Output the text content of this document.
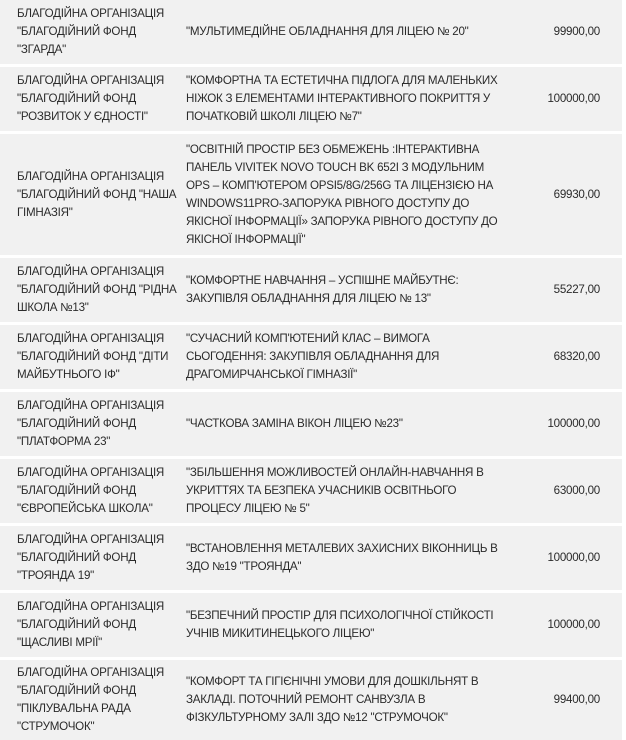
БЛАГОДІЙНА ОРГАНІЗАЦІЯ "БЛАГОДІЙНИЙ ФОНД "ЗГАРДА"
"МУЛЬТИМЕДІЙНЕ ОБЛАДНАННЯ ДЛЯ ЛІЦЕЮ № 20"	99900,00
БЛАГОДІЙНА ОРГАНІЗАЦІЯ "БЛАГОДІЙНИЙ ФОНД "РОЗВИТОК У ЄДНОСТІ"
"КОМФОРТНА ТА ЕСТЕТИЧНА ПІДЛОГА ДЛЯ МАЛЕНЬКИХ НІЖОК З ЕЛЕМЕНТАМИ ІНТЕРАКТИВНОГО ПОКРИТТЯ У ПОЧАТКОВІЙ ШКОЛІ ЛІЦЕЮ №7"
100000,00
БЛАГОДІЙНА ОРГАНІЗАЦІЯ "БЛАГОДІЙНИЙ ФОНД "НАША ГІМНАЗІЯ"
"ОСВІТНІЙ ПРОСТІР БЕЗ ОБМЕЖЕНЬ :ІНТЕРАКТИВНА ПАНЕЛЬ VIVITEK NOVO TOUCH BK 652I З МОДУЛЬНИМ OPS – КОМП'ЮТЕРОМ OPSI5/8G/256G ТА ЛІЦЕНЗІЄЮ НА WINDOWS11PRO-ЗАПОРУКА РІВНОГО ДОСТУПУ ДО ЯКІСНОЇ ІНФОРМАЦІЇ» ЗАПОРУКА РІВНОГО ДОСТУПУ ДО ЯКІСНОЇ ІНФОРМАЦІЇ"
69930,00
БЛАГОДІЙНА ОРГАНІЗАЦІЯ "БЛАГОДІЙНИЙ ФОНД "РІДНА ШКОЛА №13"
"КОМФОРТНЕ НАВЧАННЯ – УСПІШНЕ МАЙБУТНЄ: ЗАКУПІВЛЯ ОБЛАДНАННЯ ДЛЯ ЛІЦЕЮ № 13"
55227,00
БЛАГОДІЙНА ОРГАНІЗАЦІЯ "БЛАГОДІЙНИЙ ФОНД "ДІТИ МАЙБУТНЬОГО ІФ"
"СУЧАСНИЙ КОМП'ЮТЕНИЙ КЛАС – ВИМОГА СЬОГОДЕННЯ: ЗАКУПІВЛЯ ОБЛАДНАННЯ ДЛЯ ДРАГОМИРЧАНСЬКОЇ ГІМНАЗІЇ"
68320,00
БЛАГОДІЙНА ОРГАНІЗАЦІЯ "БЛАГОДІЙНИЙ ФОНД "ПЛАТФОРМА 23"
"ЧАСТКОВА ЗАМІНА ВІКОН ЛІЦЕЮ №23"	100000,00
БЛАГОДІЙНА ОРГАНІЗАЦІЯ "БЛАГОДІЙНИЙ ФОНД "ЄВРОПЕЙСЬКА ШКОЛА"
"ЗБІЛЬШЕННЯ МОЖЛИВОСТЕЙ ОНЛАЙН-НАВЧАННЯ В УКРИТТЯХ ТА БЕЗПЕКА УЧАСНИКІВ ОСВІТНЬОГО ПРОЦЕСУ ЛІЦЕЮ № 5"
63000,00
БЛАГОДІЙНА ОРГАНІЗАЦІЯ "БЛАГОДІЙНИЙ ФОНД "ТРОЯНДА 19"
"ВСТАНОВЛЕННЯ МЕТАЛЕВИХ ЗАХИСНИХ ВІКОННИЦЬ В ЗДО №19 "ТРОЯНДА"
100000,00
БЛАГОДІЙНА ОРГАНІЗАЦІЯ "БЛАГОДІЙНИЙ ФОНД "ЩАСЛИВІ МРІЇ"
"БЕЗПЕЧНИЙ ПРОСТІР ДЛЯ ПСИХОЛОГІЧНОЇ СТІЙКОСТІ УЧНІВ МИКИТИНЕЦЬКОГО ЛІЦЕЮ"
100000,00
БЛАГОДІЙНА ОРГАНІЗАЦІЯ "БЛАГОДІЙНИЙ ФОНД "ПІКЛУВАЛЬНА РАДА "СТРУМОЧОК"
"КОМФОРТ ТА ГІГІЄНІЧНІ УМОВИ ДЛЯ ДОШКІЛЬНЯТ В ЗАКЛАДІ. ПОТОЧНИЙ РЕМОНТ САНВУЗЛА В ФІЗКУЛЬТУРНОМУ ЗАЛІ ЗДО №12 "СТРУМОЧОК"
99400,00
